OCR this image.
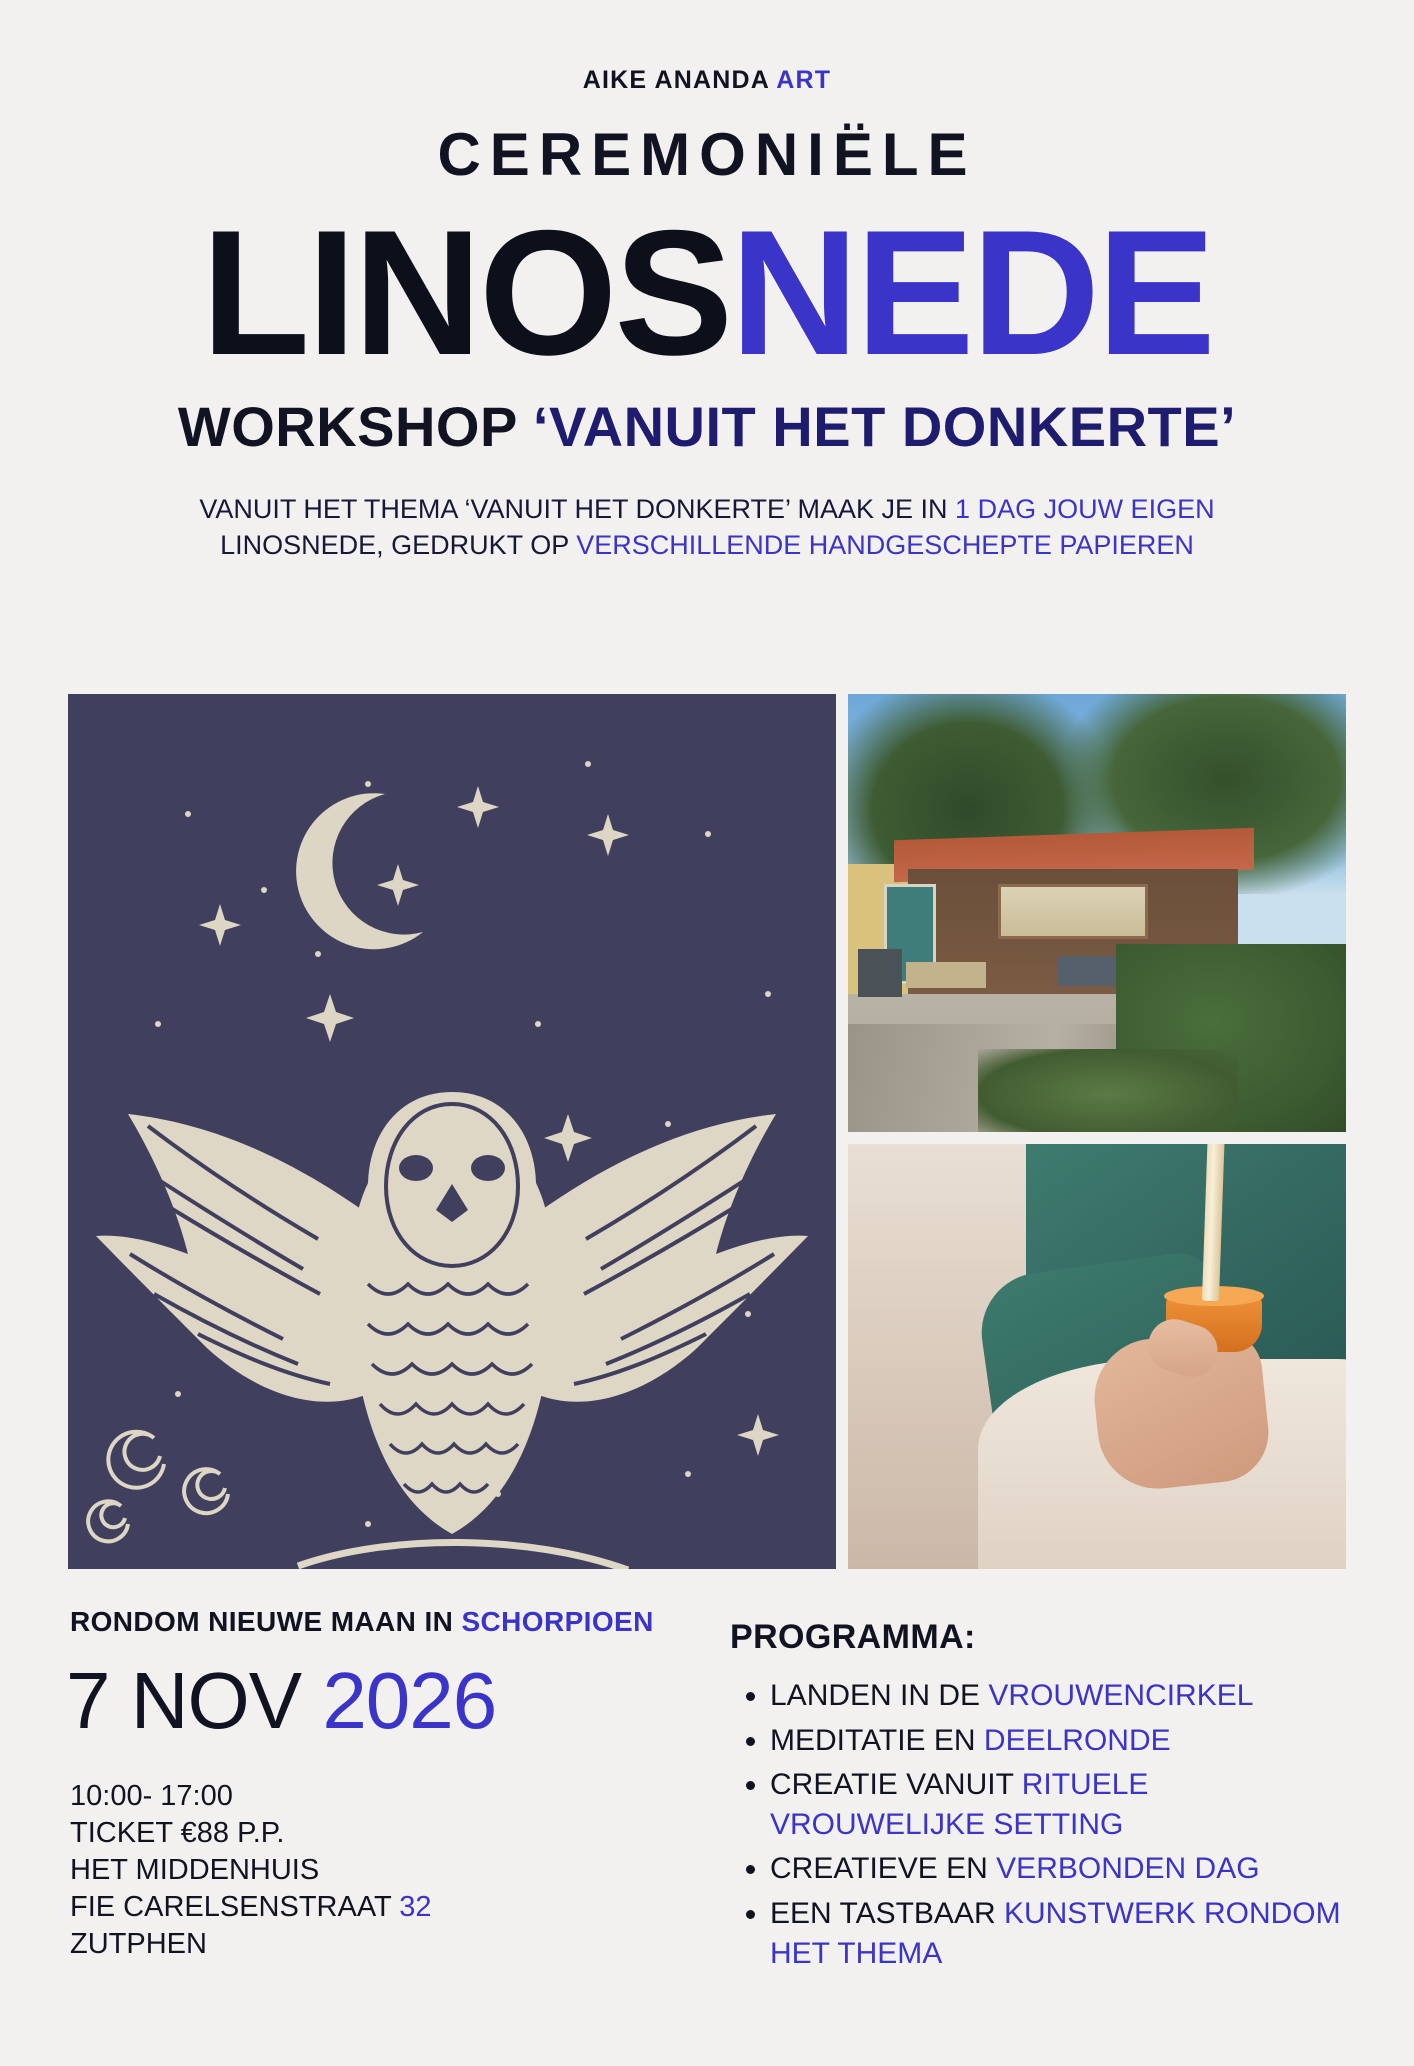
AIKE ANANDA ART
CEREMONIËLE
LINOSNEDE
WORKSHOP ‘VANUIT HET DONKERTE’
VANUIT HET THEMA ‘VANUIT HET DONKERTE’ MAAK JE IN 1 DAG JOUW EIGEN
LINOSNEDE, GEDRUKT OP VERSCHILLENDE HANDGESCHEPTE PAPIEREN
RONDOM NIEUWE MAAN IN SCHORPIOEN
7 NOV 2026
10:00- 17:00
TICKET €88 P.P.
HET MIDDENHUIS
FIE CARELSENSTRAAT 32
ZUTPHEN
PROGRAMMA:
• LANDEN IN DE VROUWENCIRKEL
• MEDITATIE EN DEELRONDE
• CREATIE VANUIT RITUELE VROUWELIJKE SETTING
• CREATIEVE EN VERBONDEN DAG
• EEN TASTBAAR KUNSTWERK RONDOM HET THEMA
